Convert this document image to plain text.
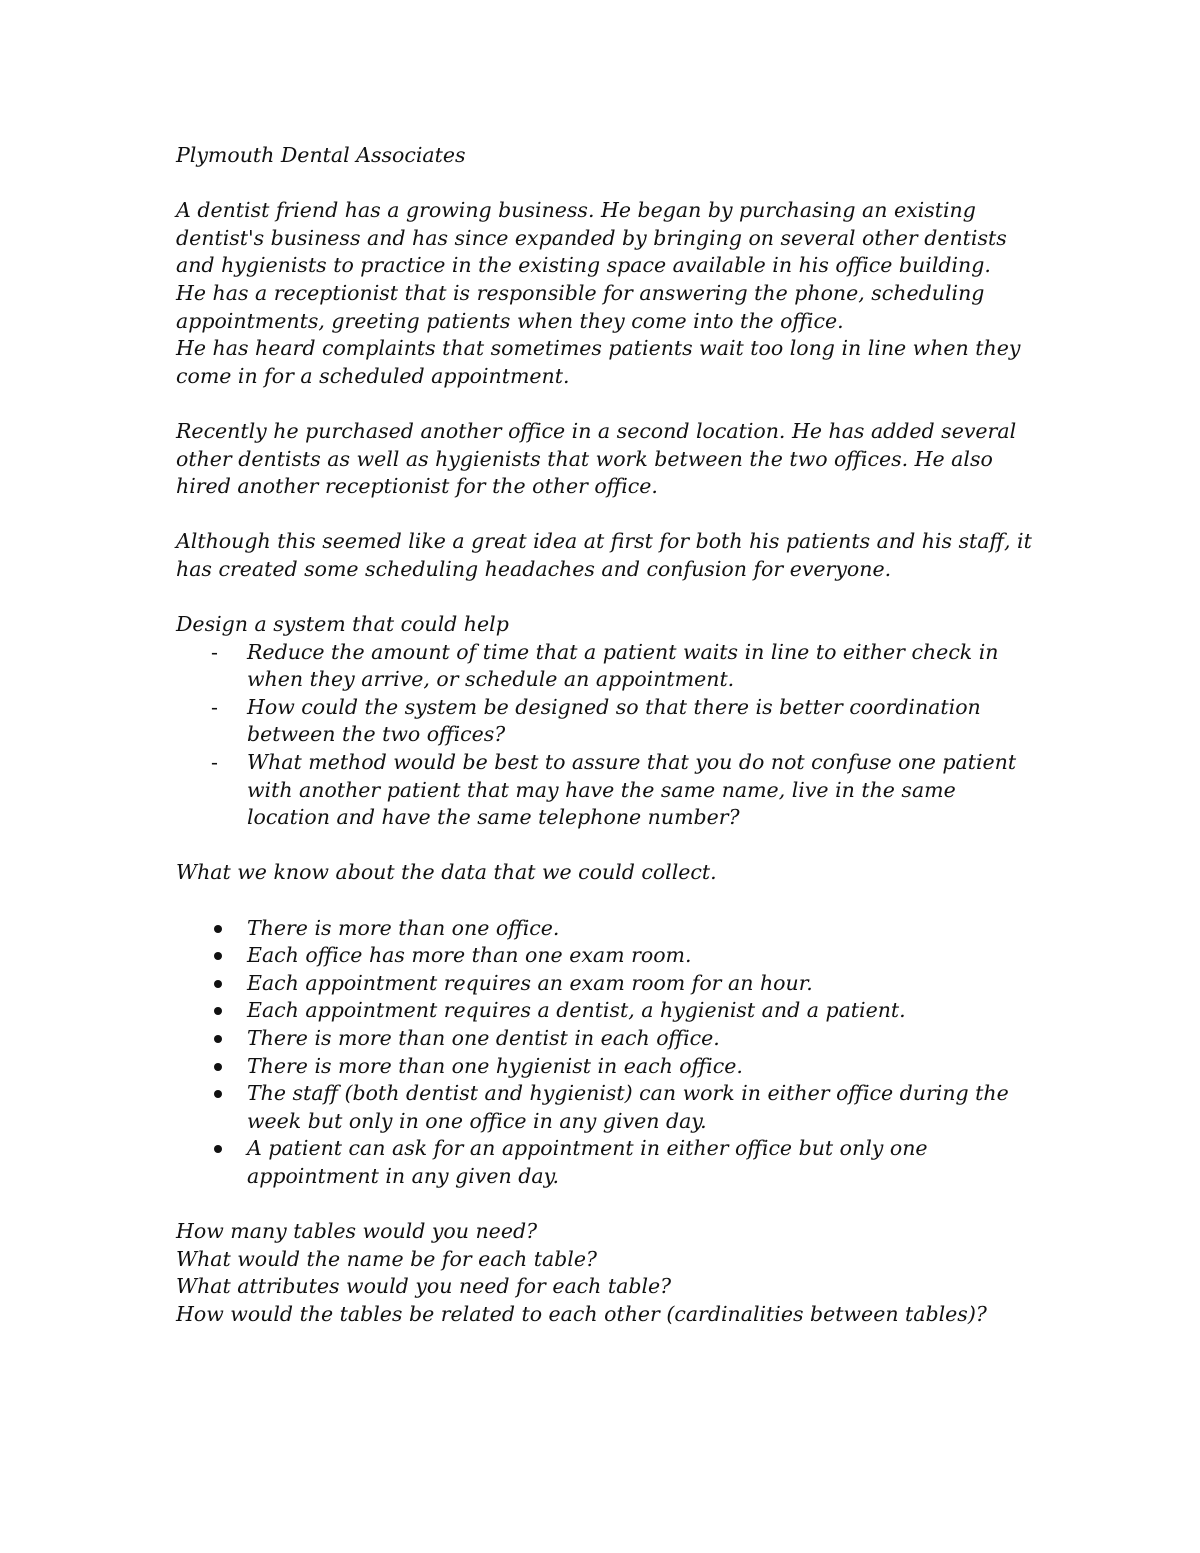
Plymouth Dental Associates

A dentist friend has a growing business. He began by purchasing an existing dentist's business and has since expanded by bringing on several other dentists and hygienists to practice in the existing space available in his office building.

He has a receptionist that is responsible for answering the phone, scheduling appointments, greeting patients when they come into the office.

He has heard complaints that sometimes patients wait too long in line when they come in for a scheduled appointment.

Recently he purchased another office in a second location. He has added several other dentists as well as hygienists that work between the two offices. He also hired another receptionist for the other office.

Although this seemed like a great idea at first for both his patients and his staff, it has created some scheduling headaches and confusion for everyone.

Design a system that could help

- Reduce the amount of time that a patient waits in line to either check in when they arrive, or schedule an appointment.
- How could the system be designed so that there is better coordination between the two offices?
- What method would be best to assure that you do not confuse one patient with another patient that may have the same name, live in the same location and have the same telephone number?

What we know about the data that we could collect.

There is more than one office.
Each office has more than one exam room.
Each appointment requires an exam room for an hour.
Each appointment requires a dentist, a hygienist and a patient.
There is more than one dentist in each office.
There is more than one hygienist in each office.
The staff (both dentist and hygienist) can work in either office during the week but only in one office in any given day.
A patient can ask for an appointment in either office but only one appointment in any given day.

How many tables would you need?

What would the name be for each table?

What attributes would you need for each table?

How would the tables be related to each other (cardinalities between tables)?
